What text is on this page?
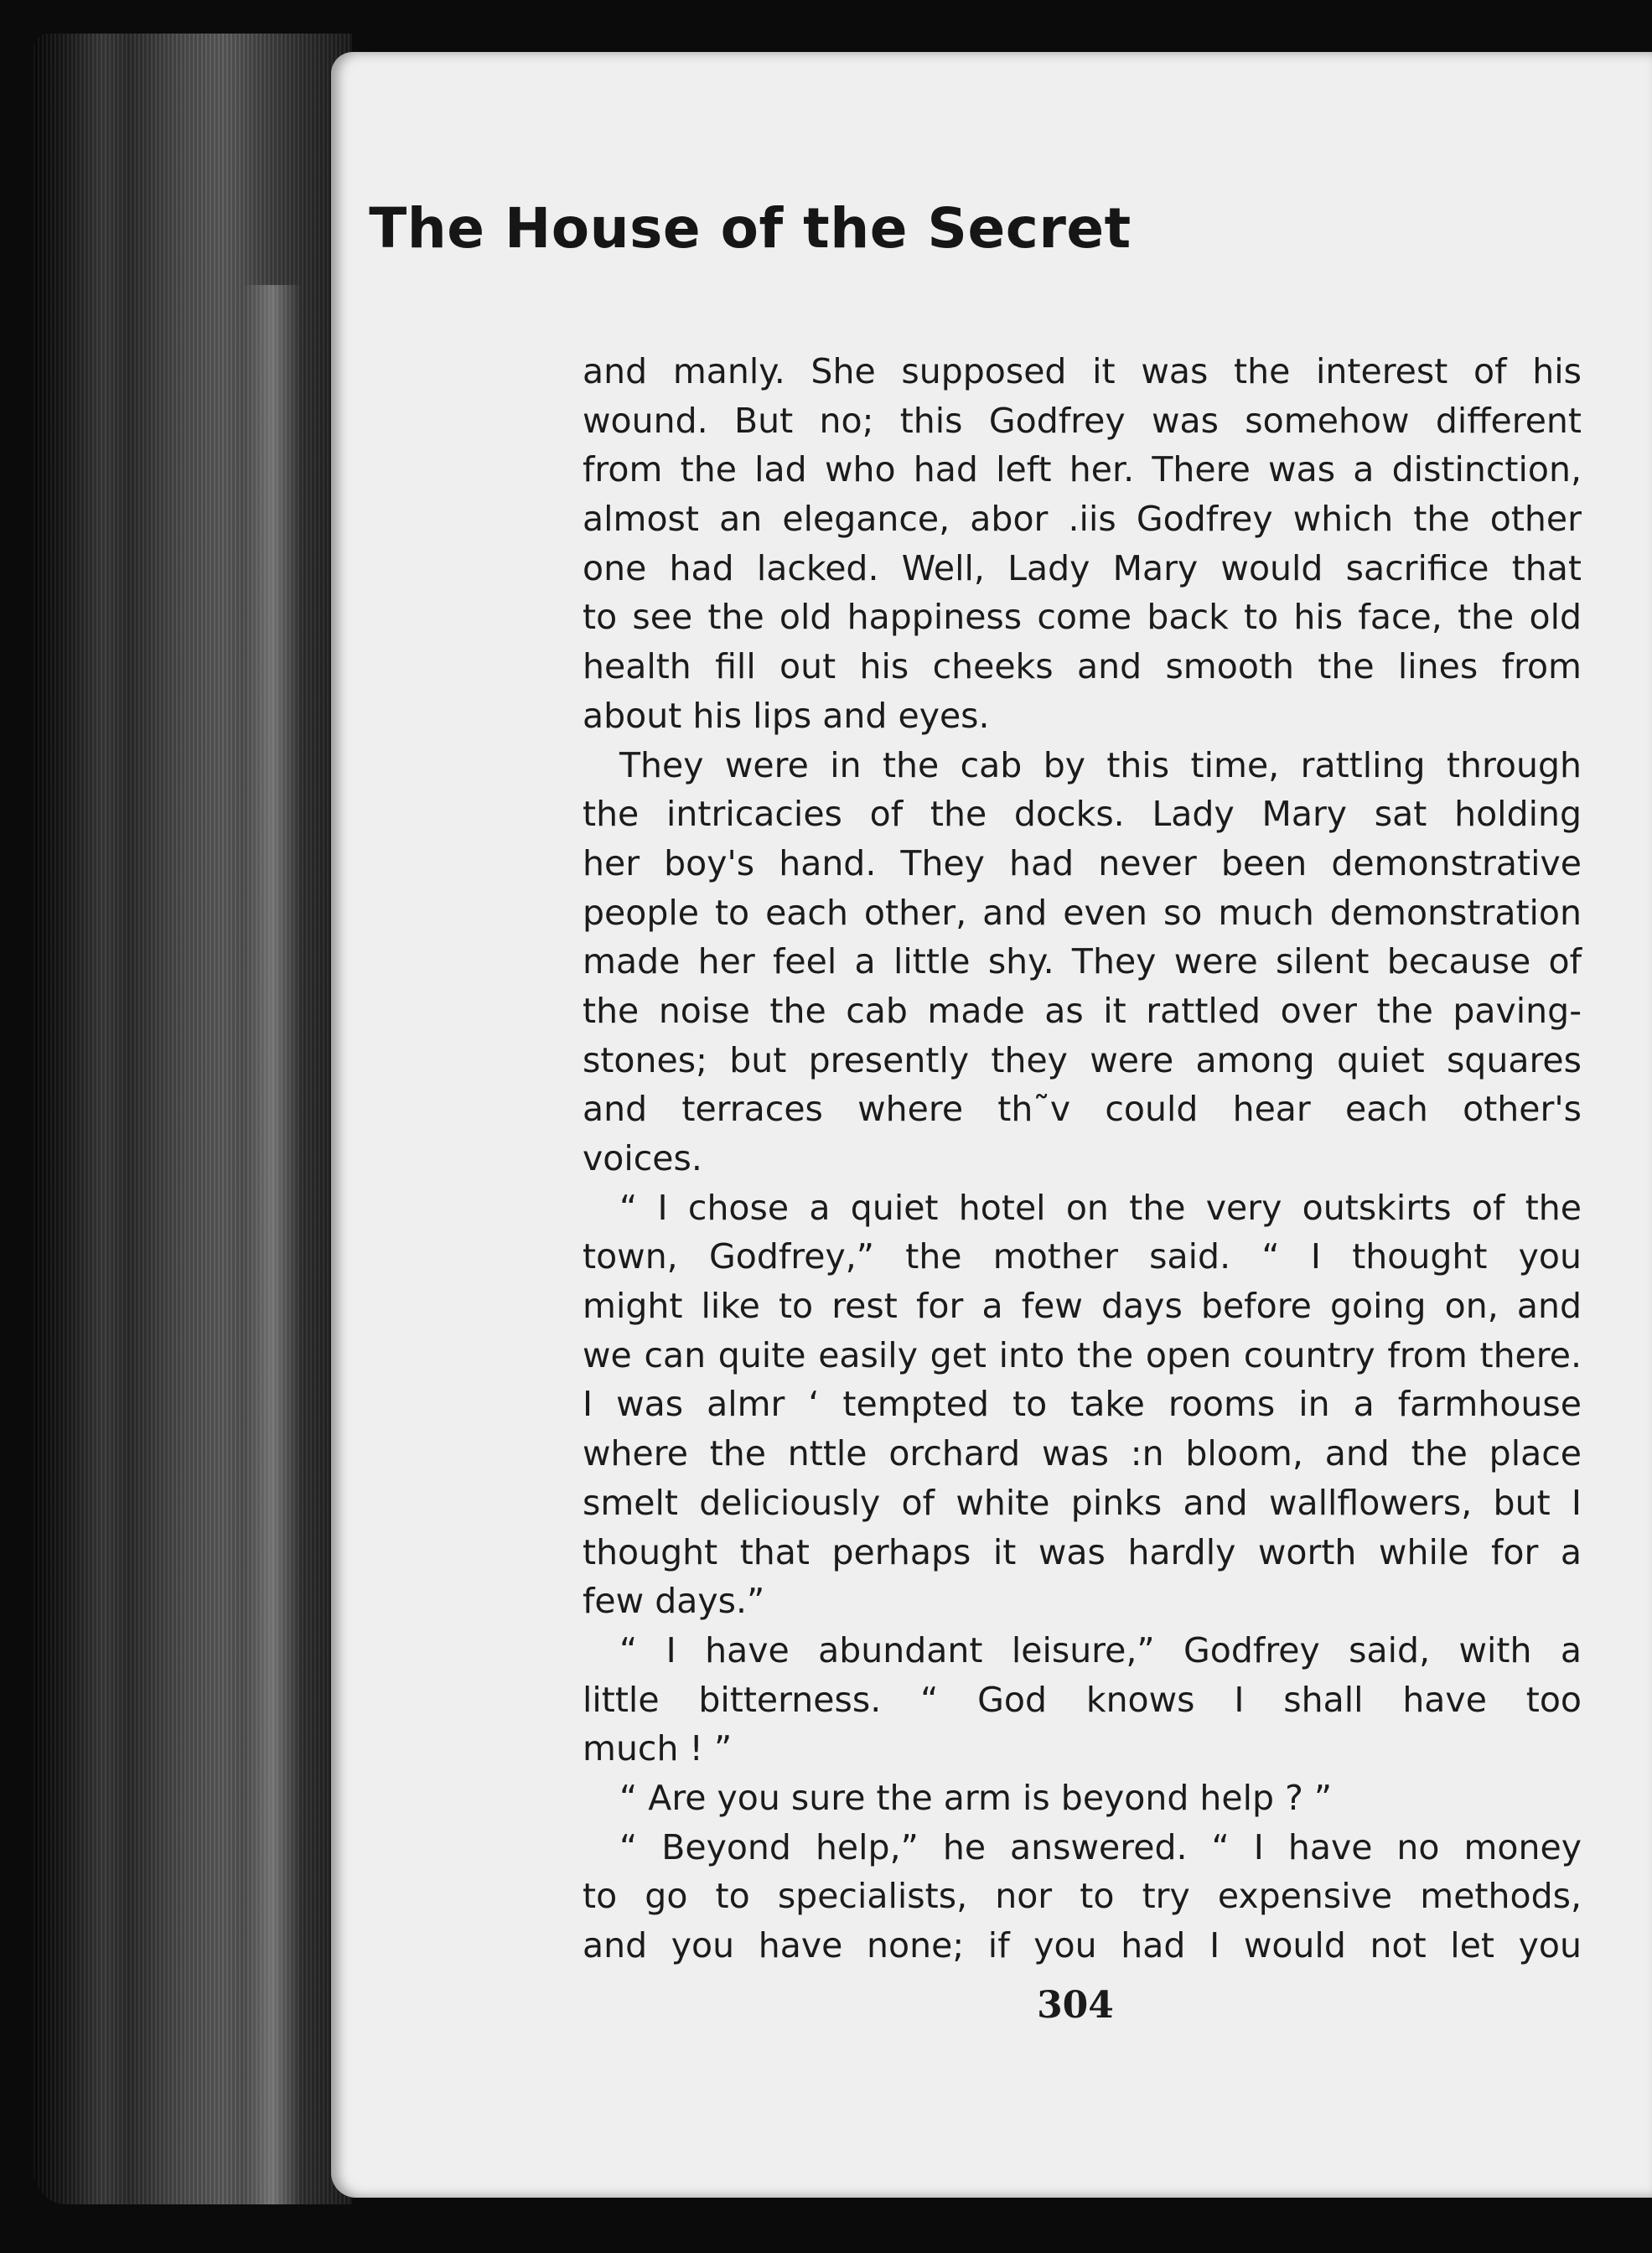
The House of the Secret
and manly. She supposed it was the interest of his
wound. But no; this Godfrey was somehow different
from the lad who had left her. There was a distinction,
almost an elegance, abor .iis Godfrey which the other
one had lacked. Well, Lady Mary would sacrifice that
to see the old happiness come back to his face, the old
health fill out his cheeks and smooth the lines from
about his lips and eyes.
They were in the cab by this time, rattling through
the intricacies of the docks. Lady Mary sat holding
her boy's hand. They had never been demonstrative
people to each other, and even so much demonstration
made her feel a little shy. They were silent because of
the noise the cab made as it rattled over the paving-
stones; but presently they were among quiet squares
and terraces where th˜v could hear each other's
voices.
“ I chose a quiet hotel on the very outskirts of the
town, Godfrey,” the mother said. “ I thought you
might like to rest for a few days before going on, and
we can quite easily get into the open country from there.
I was almr ‘ tempted to take rooms in a farmhouse
where the nttle orchard was :n bloom, and the place
smelt deliciously of white pinks and wallflowers, but I
thought that perhaps it was hardly worth while for a
few days.”
“ I have abundant leisure,” Godfrey said, with a
little bitterness. “ God knows I shall have too
much ! ”
“ Are you sure the arm is beyond help ? ”
“ Beyond help,” he answered. “ I have no money
to go to specialists, nor to try expensive methods,
and you have none; if you had I would not let you
304
